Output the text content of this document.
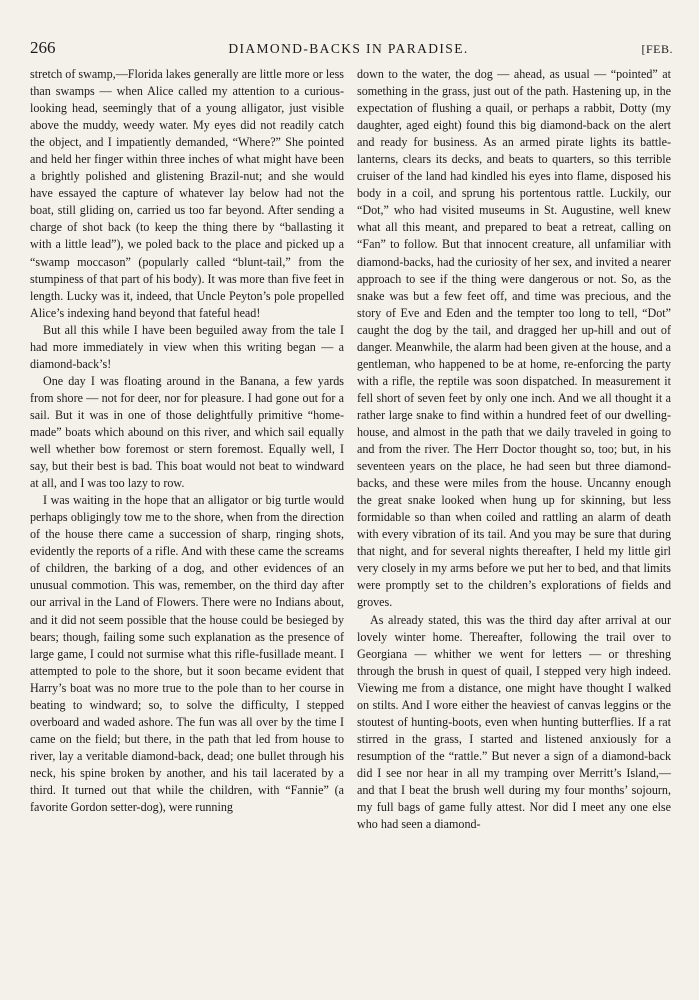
266	DIAMOND-BACKS IN PARADISE.	[FEB.

stretch of swamp,—Florida lakes generally are little more or less than swamps — when Alice called my attention to a curious-looking head, seemingly that of a young alligator, just visible above the muddy, weedy water. My eyes did not readily catch the object, and I impatiently demanded, “Where?” She pointed and held her finger within three inches of what might have been a brightly polished and glistening Brazil-nut; and she would have essayed the capture of whatever lay below had not the boat, still gliding on, carried us too far beyond. After sending a charge of shot back (to keep the thing there by “ballasting it with a little lead”), we poled back to the place and picked up a “swamp moccason” (popularly called “blunt-tail,” from the stumpiness of that part of his body). It was more than five feet in length. Lucky was it, indeed, that Uncle Peyton’s pole propelled Alice’s indexing hand beyond that fateful head!

But all this while I have been beguiled away from the tale I had more immediately in view when this writing began — a diamond-back’s!

One day I was floating around in the Banana, a few yards from shore — not for deer, nor for pleasure. I had gone out for a sail. But it was in one of those delightfully primitive “home-made” boats which abound on this river, and which sail equally well whether bow foremost or stern foremost. Equally well, I say, but their best is bad. This boat would not beat to windward at all, and I was too lazy to row.

I was waiting in the hope that an alligator or big turtle would perhaps obligingly tow me to the shore, when from the direction of the house there came a succession of sharp, ringing shots, evidently the reports of a rifle. And with these came the screams of children, the barking of a dog, and other evidences of an unusual commotion. This was, remember, on the third day after our arrival in the Land of Flowers. There were no Indians about, and it did not seem possible that the house could be besieged by bears; though, failing some such explanation as the presence of large game, I could not surmise what this rifle-fusillade meant. I attempted to pole to the shore, but it soon became evident that Harry’s boat was no more true to the pole than to her course in beating to windward; so, to solve the difficulty, I stepped overboard and waded ashore. The fun was all over by the time I came on the field; but there, in the path that led from house to river, lay a veritable diamond-back, dead; one bullet through his neck, his spine broken by another, and his tail lacerated by a third. It turned out that while the children, with “Fannie” (a favorite Gordon setter-dog), were running

down to the water, the dog — ahead, as usual — “pointed” at something in the grass, just out of the path. Hastening up, in the expectation of flushing a quail, or perhaps a rabbit, Dotty (my daughter, aged eight) found this big diamond-back on the alert and ready for business. As an armed pirate lights its battle-lanterns, clears its decks, and beats to quarters, so this terrible cruiser of the land had kindled his eyes into flame, disposed his body in a coil, and sprung his portentous rattle. Luckily, our “Dot,” who had visited museums in St. Augustine, well knew what all this meant, and prepared to beat a retreat, calling on “Fan” to follow. But that innocent creature, all unfamiliar with diamond-backs, had the curiosity of her sex, and invited a nearer approach to see if the thing were dangerous or not. So, as the snake was but a few feet off, and time was precious, and the story of Eve and Eden and the tempter too long to tell, “Dot” caught the dog by the tail, and dragged her up-hill and out of danger. Meanwhile, the alarm had been given at the house, and a gentleman, who happened to be at home, re-enforcing the party with a rifle, the reptile was soon dispatched. In measurement it fell short of seven feet by only one inch. And we all thought it a rather large snake to find within a hundred feet of our dwelling-house, and almost in the path that we daily traveled in going to and from the river. The Herr Doctor thought so, too; but, in his seventeen years on the place, he had seen but three diamond-backs, and these were miles from the house. Uncanny enough the great snake looked when hung up for skinning, but less formidable so than when coiled and rattling an alarm of death with every vibration of its tail. And you may be sure that during that night, and for several nights thereafter, I held my little girl very closely in my arms before we put her to bed, and that limits were promptly set to the children’s explorations of fields and groves.

As already stated, this was the third day after arrival at our lovely winter home. Thereafter, following the trail over to Georgiana — whither we went for letters — or threshing through the brush in quest of quail, I stepped very high indeed. Viewing me from a distance, one might have thought I walked on stilts. And I wore either the heaviest of canvas leggins or the stoutest of hunting-boots, even when hunting butterflies. If a rat stirred in the grass, I started and listened anxiously for a resumption of the “rattle.” But never a sign of a diamond-back did I see nor hear in all my tramping over Merritt’s Island,— and that I beat the brush well during my four months’ sojourn, my full bags of game fully attest. Nor did I meet any one else who had seen a diamond-
